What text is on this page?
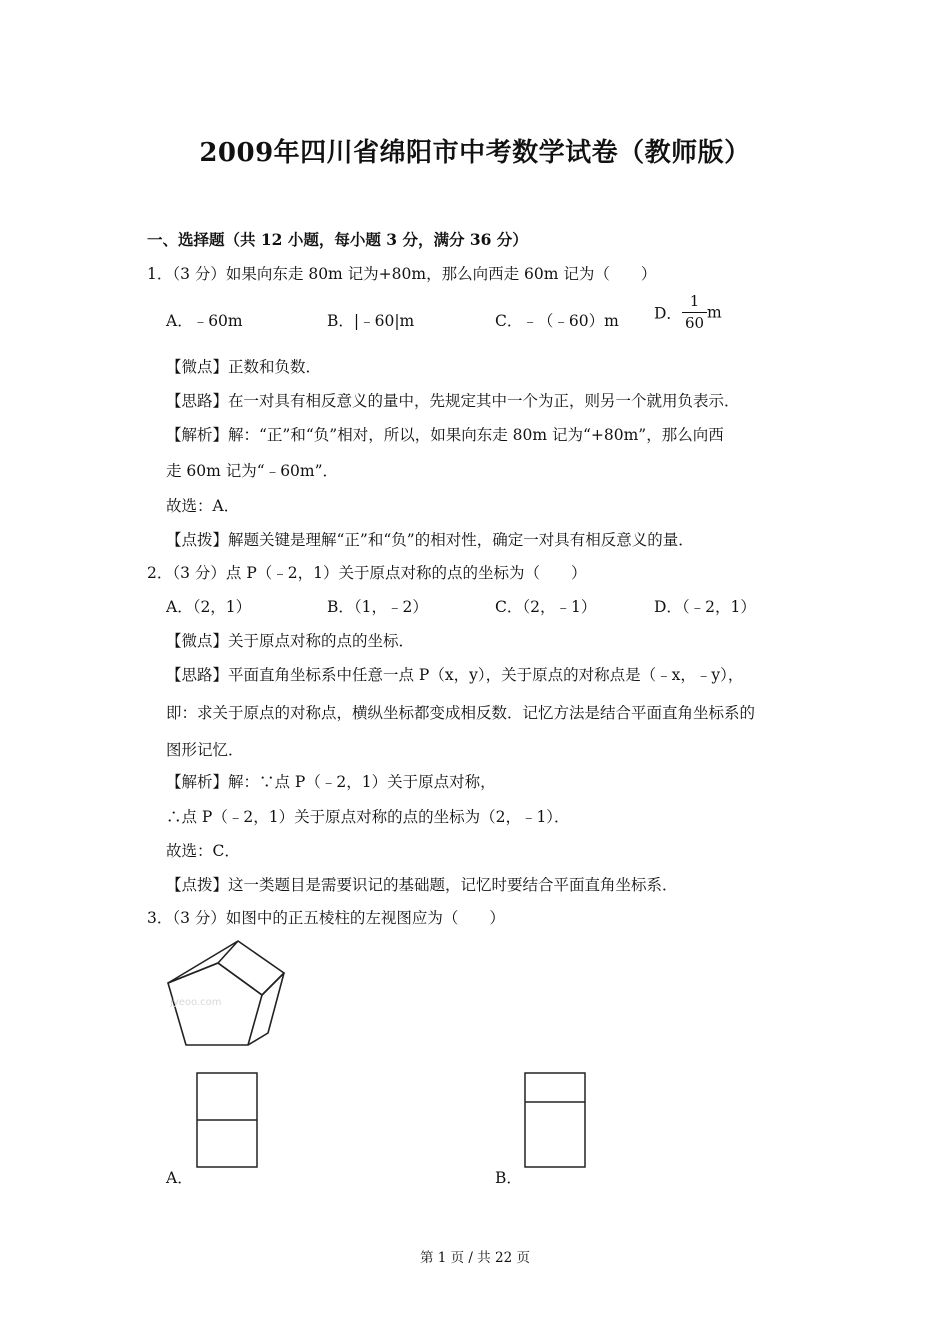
2009年四川省绵阳市中考数学试卷（教师版）
一、选择题（共 12 小题，每小题 3 分，满分 36 分）
1．（3 分）如果向东走 80m 记为+80m，那么向西走 60m 记为（　　）
A．﹣60m	B．|﹣60|m	C．﹣（﹣60）m D． $\frac{1}{60}$ m
【微点】正数和负数．
【思路】在一对具有相反意义的量中，先规定其中一个为正，则另一个就用负表示．
【解析】解：“正”和“负”相对，所以，如果向东走 80m 记为“+80m”，那么向西
走 60m 记为“﹣60m”．
故选：A．
【点拨】解题关键是理解“正”和“负”的相对性，确定一对具有相反意义的量．
2．（3 分）点 P（﹣2，1）关于原点对称的点的坐标为（　　）
A．（2，1）	B．（1，﹣2）	C．（2，﹣1）	D．（﹣2，1）
【微点】关于原点对称的点的坐标．
【思路】平面直角坐标系中任意一点 P（x，y），关于原点的对称点是（﹣x，﹣y），
即：求关于原点的对称点，横纵坐标都变成相反数．记忆方法是结合平面直角坐标系的
图形记忆．
【解析】解：∵点 P（﹣2，1）关于原点对称，
∴点 P（﹣2，1）关于原点对称的点的坐标为（2，﹣1）．
故选：C．
【点拨】这一类题目是需要识记的基础题，记忆时要结合平面直角坐标系．
3．（3 分）如图中的正五棱柱的左视图应为（　　）
jyeoo.com
A．	B．
第 1 页 / 共 22 页
